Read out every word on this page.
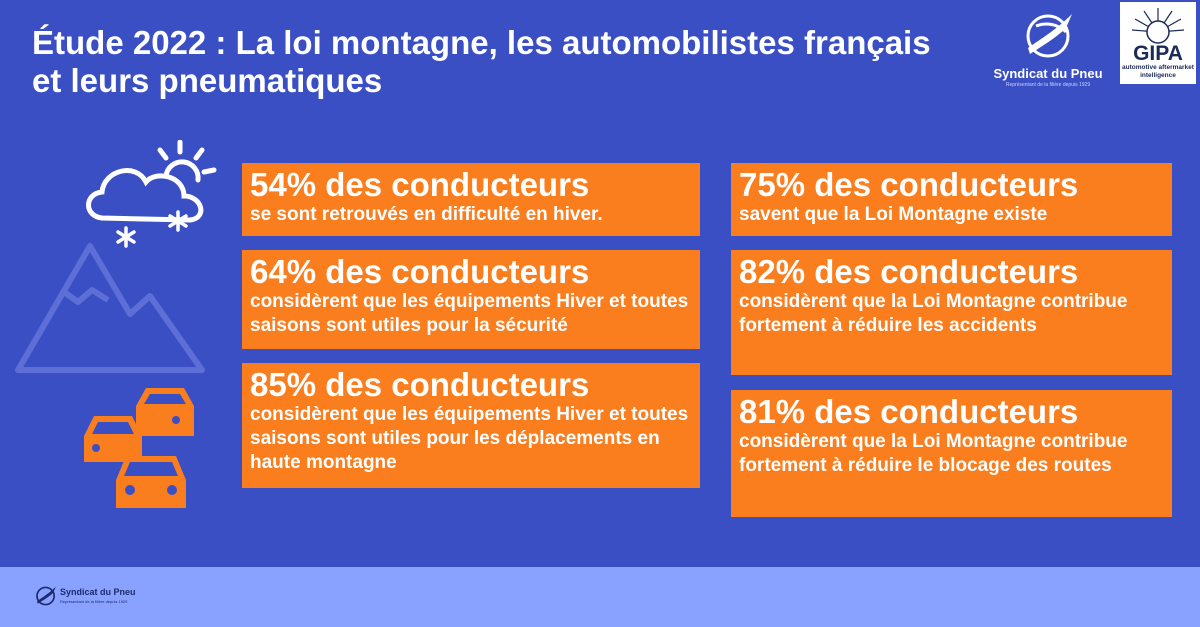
Étude 2022 : La loi montagne, les automobilistes français et leurs pneumatiques	Syndicat du Pneu
Représentant de la filière depuis 1929
GIPA
automotive aftermarket intelligence
54% des conducteurs
se sont retrouvés en difficulté en hiver.
64% des conducteurs
considèrent que les équipements Hiver et toutes saisons sont utiles pour la sécurité
85% des conducteurs
considèrent que les équipements Hiver et toutes saisons sont utiles pour les déplacements en haute montagne
75% des conducteurs
savent que la Loi Montagne existe
82% des conducteurs
considèrent que la Loi Montagne contribue fortement à réduire les accidents
81% des conducteurs
considèrent que la Loi Montagne contribue fortement à réduire le blocage des routes
Syndicat du Pneu
Représentant de la filière depuis 1929
